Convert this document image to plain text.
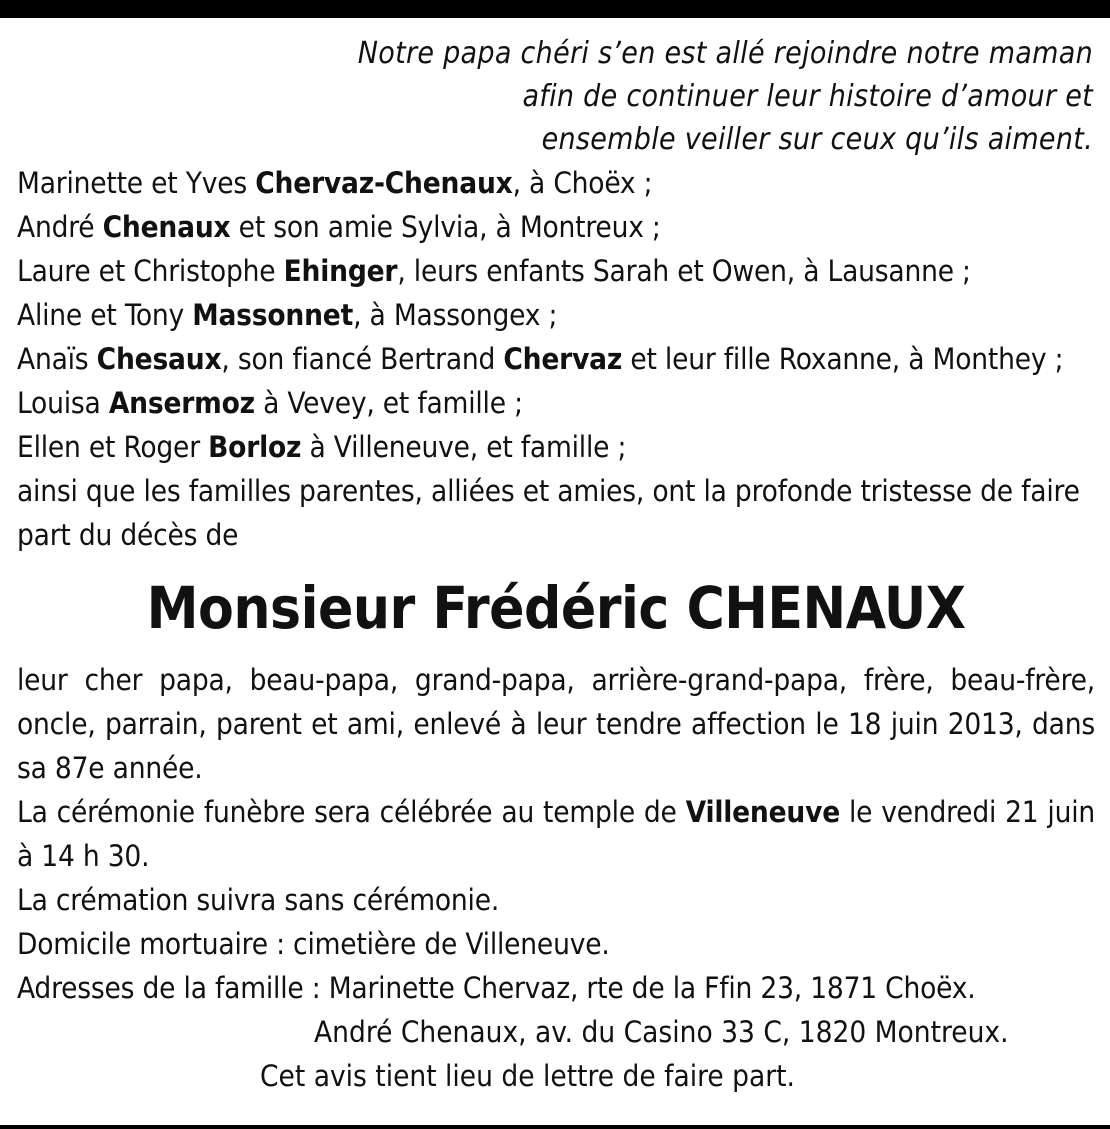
Notre papa chéri s’en est allé rejoindre notre maman
afin de continuer leur histoire d’amour et
ensemble veiller sur ceux qu’ils aiment.
Marinette et Yves Chervaz-Chenaux, à Choëx ;
André Chenaux et son amie Sylvia, à Montreux ;
Laure et Christophe Ehinger, leurs enfants Sarah et Owen, à Lausanne ;
Aline et Tony Massonnet, à Massongex ;
Anaïs Chesaux, son fiancé Bertrand Chervaz et leur fille Roxanne, à Monthey ;
Louisa Ansermoz à Vevey, et famille ;
Ellen et Roger Borloz à Villeneuve, et famille ;
ainsi que les familles parentes, alliées et amies, ont la profonde tristesse de faire part du décès de
Monsieur Frédéric CHENAUX
leur cher papa, beau-papa, grand-papa, arrière-grand-papa, frère, beau-frère, oncle, parrain, parent et ami, enlevé à leur tendre affection le 18 juin 2013, dans sa 87e année.
La cérémonie funèbre sera célébrée au temple de Villeneuve le vendredi 21 juin à 14 h 30.
La crémation suivra sans cérémonie.
Domicile mortuaire : cimetière de Villeneuve.
Adresses de la famille : Marinette Chervaz, rte de la Ffin 23, 1871 Choëx.
André Chenaux, av. du Casino 33 C, 1820 Montreux.
Cet avis tient lieu de lettre de faire part.
